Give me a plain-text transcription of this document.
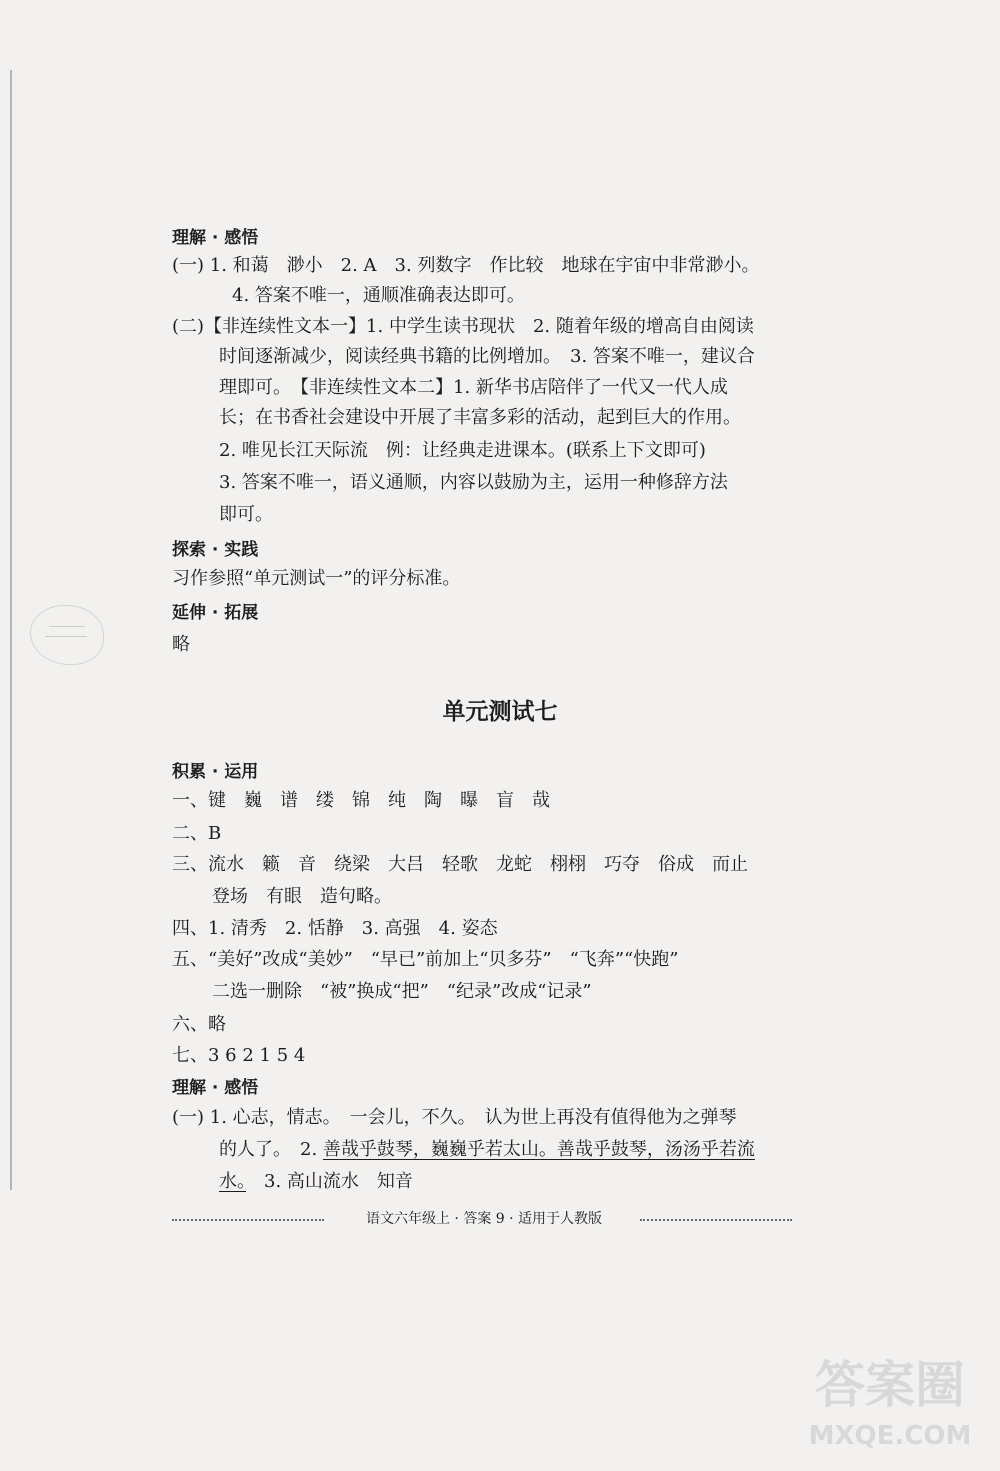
理解 · 感悟
(一) 1. 和蔼　渺小　2. A　3. 列数字　作比较　地球在宇宙中非常渺小。
4. 答案不唯一，通顺准确表达即可。
(二)【非连续性文本一】1. 中学生读书现状　2. 随着年级的增高自由阅读
时间逐渐减少，阅读经典书籍的比例增加。　3. 答案不唯一，建议合
理即可。　【非连续性文本二】1. 新华书店陪伴了一代又一代人成
长；在书香社会建设中开展了丰富多彩的活动，起到巨大的作用。
2. 唯见长江天际流　例：让经典走进课本。(联系上下文即可)
3. 答案不唯一，语义通顺，内容以鼓励为主，运用一种修辞方法
即可。
探索 · 实践
习作参照“单元测试一”的评分标准。
延伸 · 拓展
略
单元测试七
积累 · 运用
一、键　巍　谱　缕　锦　纯　陶　曝　盲　哉
二、B
三、流水　籁　音　绕梁　大吕　轻歌　龙蛇　栩栩　巧夺　俗成　而止
登场　有眼　造句略。
四、1. 清秀　2. 恬静　3. 高强　4. 姿态
五、“美好”改成“美妙”　“早已”前加上“贝多芬”　“飞奔”“快跑”
二选一删除　“被”换成“把”　“纪录”改成“记录”
六、略
七、3 6 2 1 5 4
理解 · 感悟
(一) 1. 心志，情志。　一会儿，不久。　认为世上再没有值得他为之弹琴
的人了。　2. 善哉乎鼓琴，巍巍乎若太山。善哉乎鼓琴，汤汤乎若流
水。　3. 高山流水　知音
语文六年级上 · 答案 9 · 适用于人教版
答案圈
MXQE.COM
